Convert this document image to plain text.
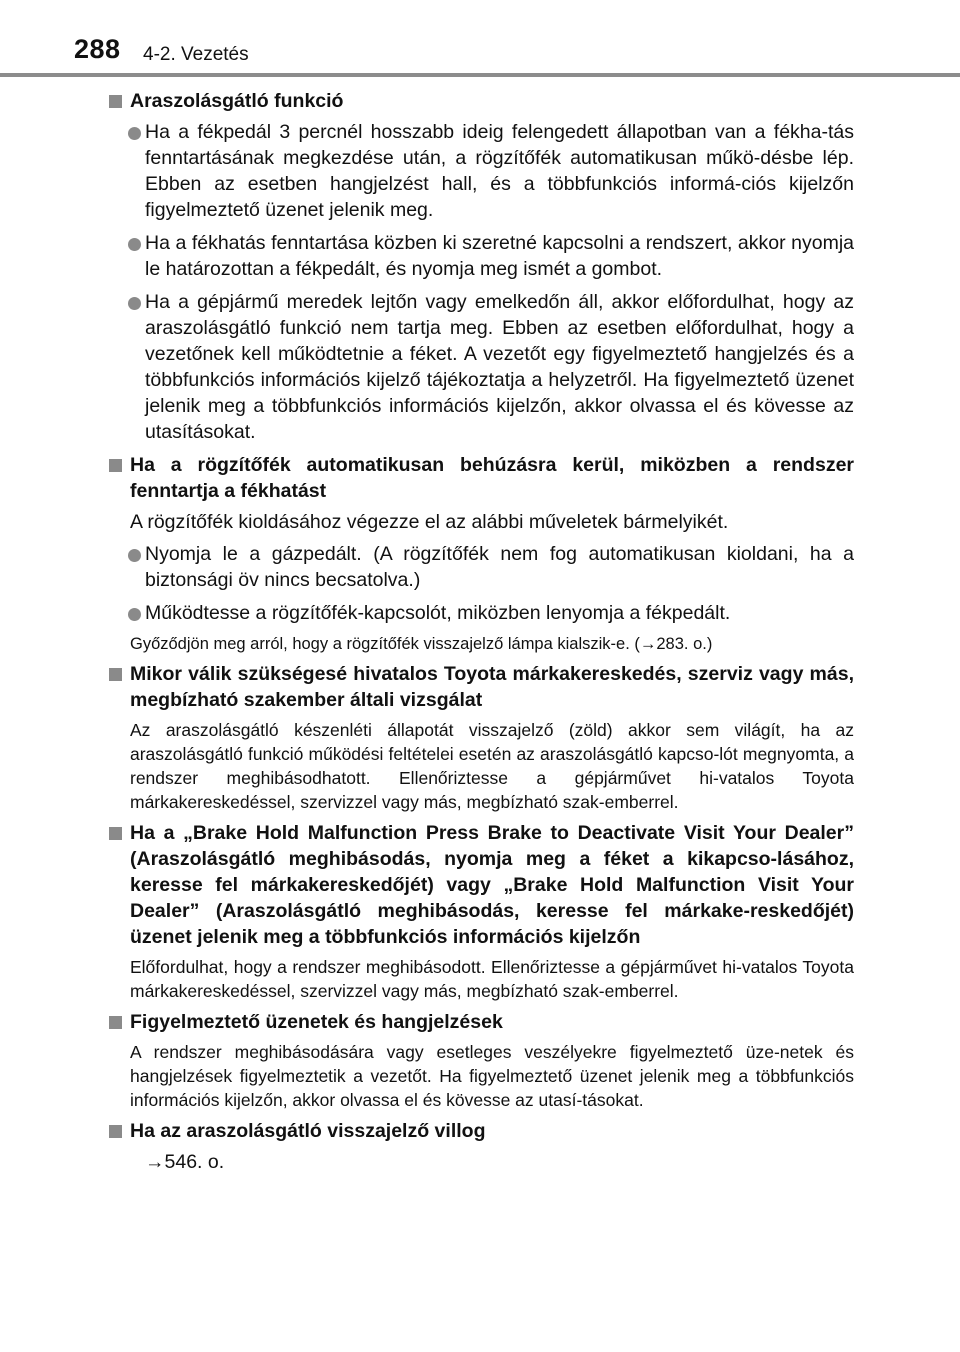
288 4-2. Vezetés
Araszolásgátló funkció
Ha a fékpedál 3 percnél hosszabb ideig felengedett állapotban van a fékha-tás fenntartásának megkezdése után, a rögzítőfék automatikusan műkö-désbe lép. Ebben az esetben hangjelzést hall, és a többfunkciós informá-ciós kijelzőn figyelmeztető üzenet jelenik meg.
Ha a fékhatás fenntartása közben ki szeretné kapcsolni a rendszert, akkor nyomja le határozottan a fékpedált, és nyomja meg ismét a gombot.
Ha a gépjármű meredek lejtőn vagy emelkedőn áll, akkor előfordulhat, hogy az araszolásgátló funkció nem tartja meg. Ebben az esetben előfordulhat, hogy a vezetőnek kell működtetnie a féket. A vezetőt egy figyelmeztető hangjelzés és a többfunkciós információs kijelző tájékoztatja a helyzetről. Ha figyelmeztető üzenet jelenik meg a többfunkciós információs kijelzőn, akkor olvassa el és kövesse az utasításokat.
Ha a rögzítőfék automatikusan behúzásra kerül, miközben a rendszer fenntartja a fékhatást
A rögzítőfék kioldásához végezze el az alábbi műveletek bármelyikét.
Nyomja le a gázpedált. (A rögzítőfék nem fog automatikusan kioldani, ha a biztonsági öv nincs becsatolva.)
Működtesse a rögzítőfék-kapcsolót, miközben lenyomja a fékpedált.
Győződjön meg arról, hogy a rögzítőfék visszajelző lámpa kialszik-e. (→283. o.)
Mikor válik szükségesé hivatalos Toyota márkakereskedés, szerviz vagy más, megbízható szakember általi vizsgálat
Az araszolásgátló készenléti állapotát visszajelző (zöld) akkor sem világít, ha az araszolásgátló funkció működési feltételei esetén az araszolásgátló kapcso-lót megnyomta, a rendszer meghibásodhatott. Ellenőriztesse a gépjárművet hi-vatalos Toyota márkakereskedéssel, szervizzel vagy más, megbízható szak-emberrel.
Ha a „Brake Hold Malfunction Press Brake to Deactivate Visit Your Dealer” (Araszolásgátló meghibásodás, nyomja meg a féket a kikapcso-lásához, keresse fel márkakereskedőjét) vagy „Brake Hold Malfunction Visit Your Dealer” (Araszolásgátló meghibásodás, keresse fel márkake-reskedőjét) üzenet jelenik meg a többfunkciós információs kijelzőn
Előfordulhat, hogy a rendszer meghibásodott. Ellenőriztesse a gépjárművet hi-vatalos Toyota márkakereskedéssel, szervizzel vagy más, megbízható szak-emberrel.
Figyelmeztető üzenetek és hangjelzések
A rendszer meghibásodására vagy esetleges veszélyekre figyelmeztető üze-netek és hangjelzések figyelmeztetik a vezetőt. Ha figyelmeztető üzenet jelenik meg a többfunkciós információs kijelzőn, akkor olvassa el és kövesse az utasí-tásokat.
Ha az araszolásgátló visszajelző villog
→546. o.
